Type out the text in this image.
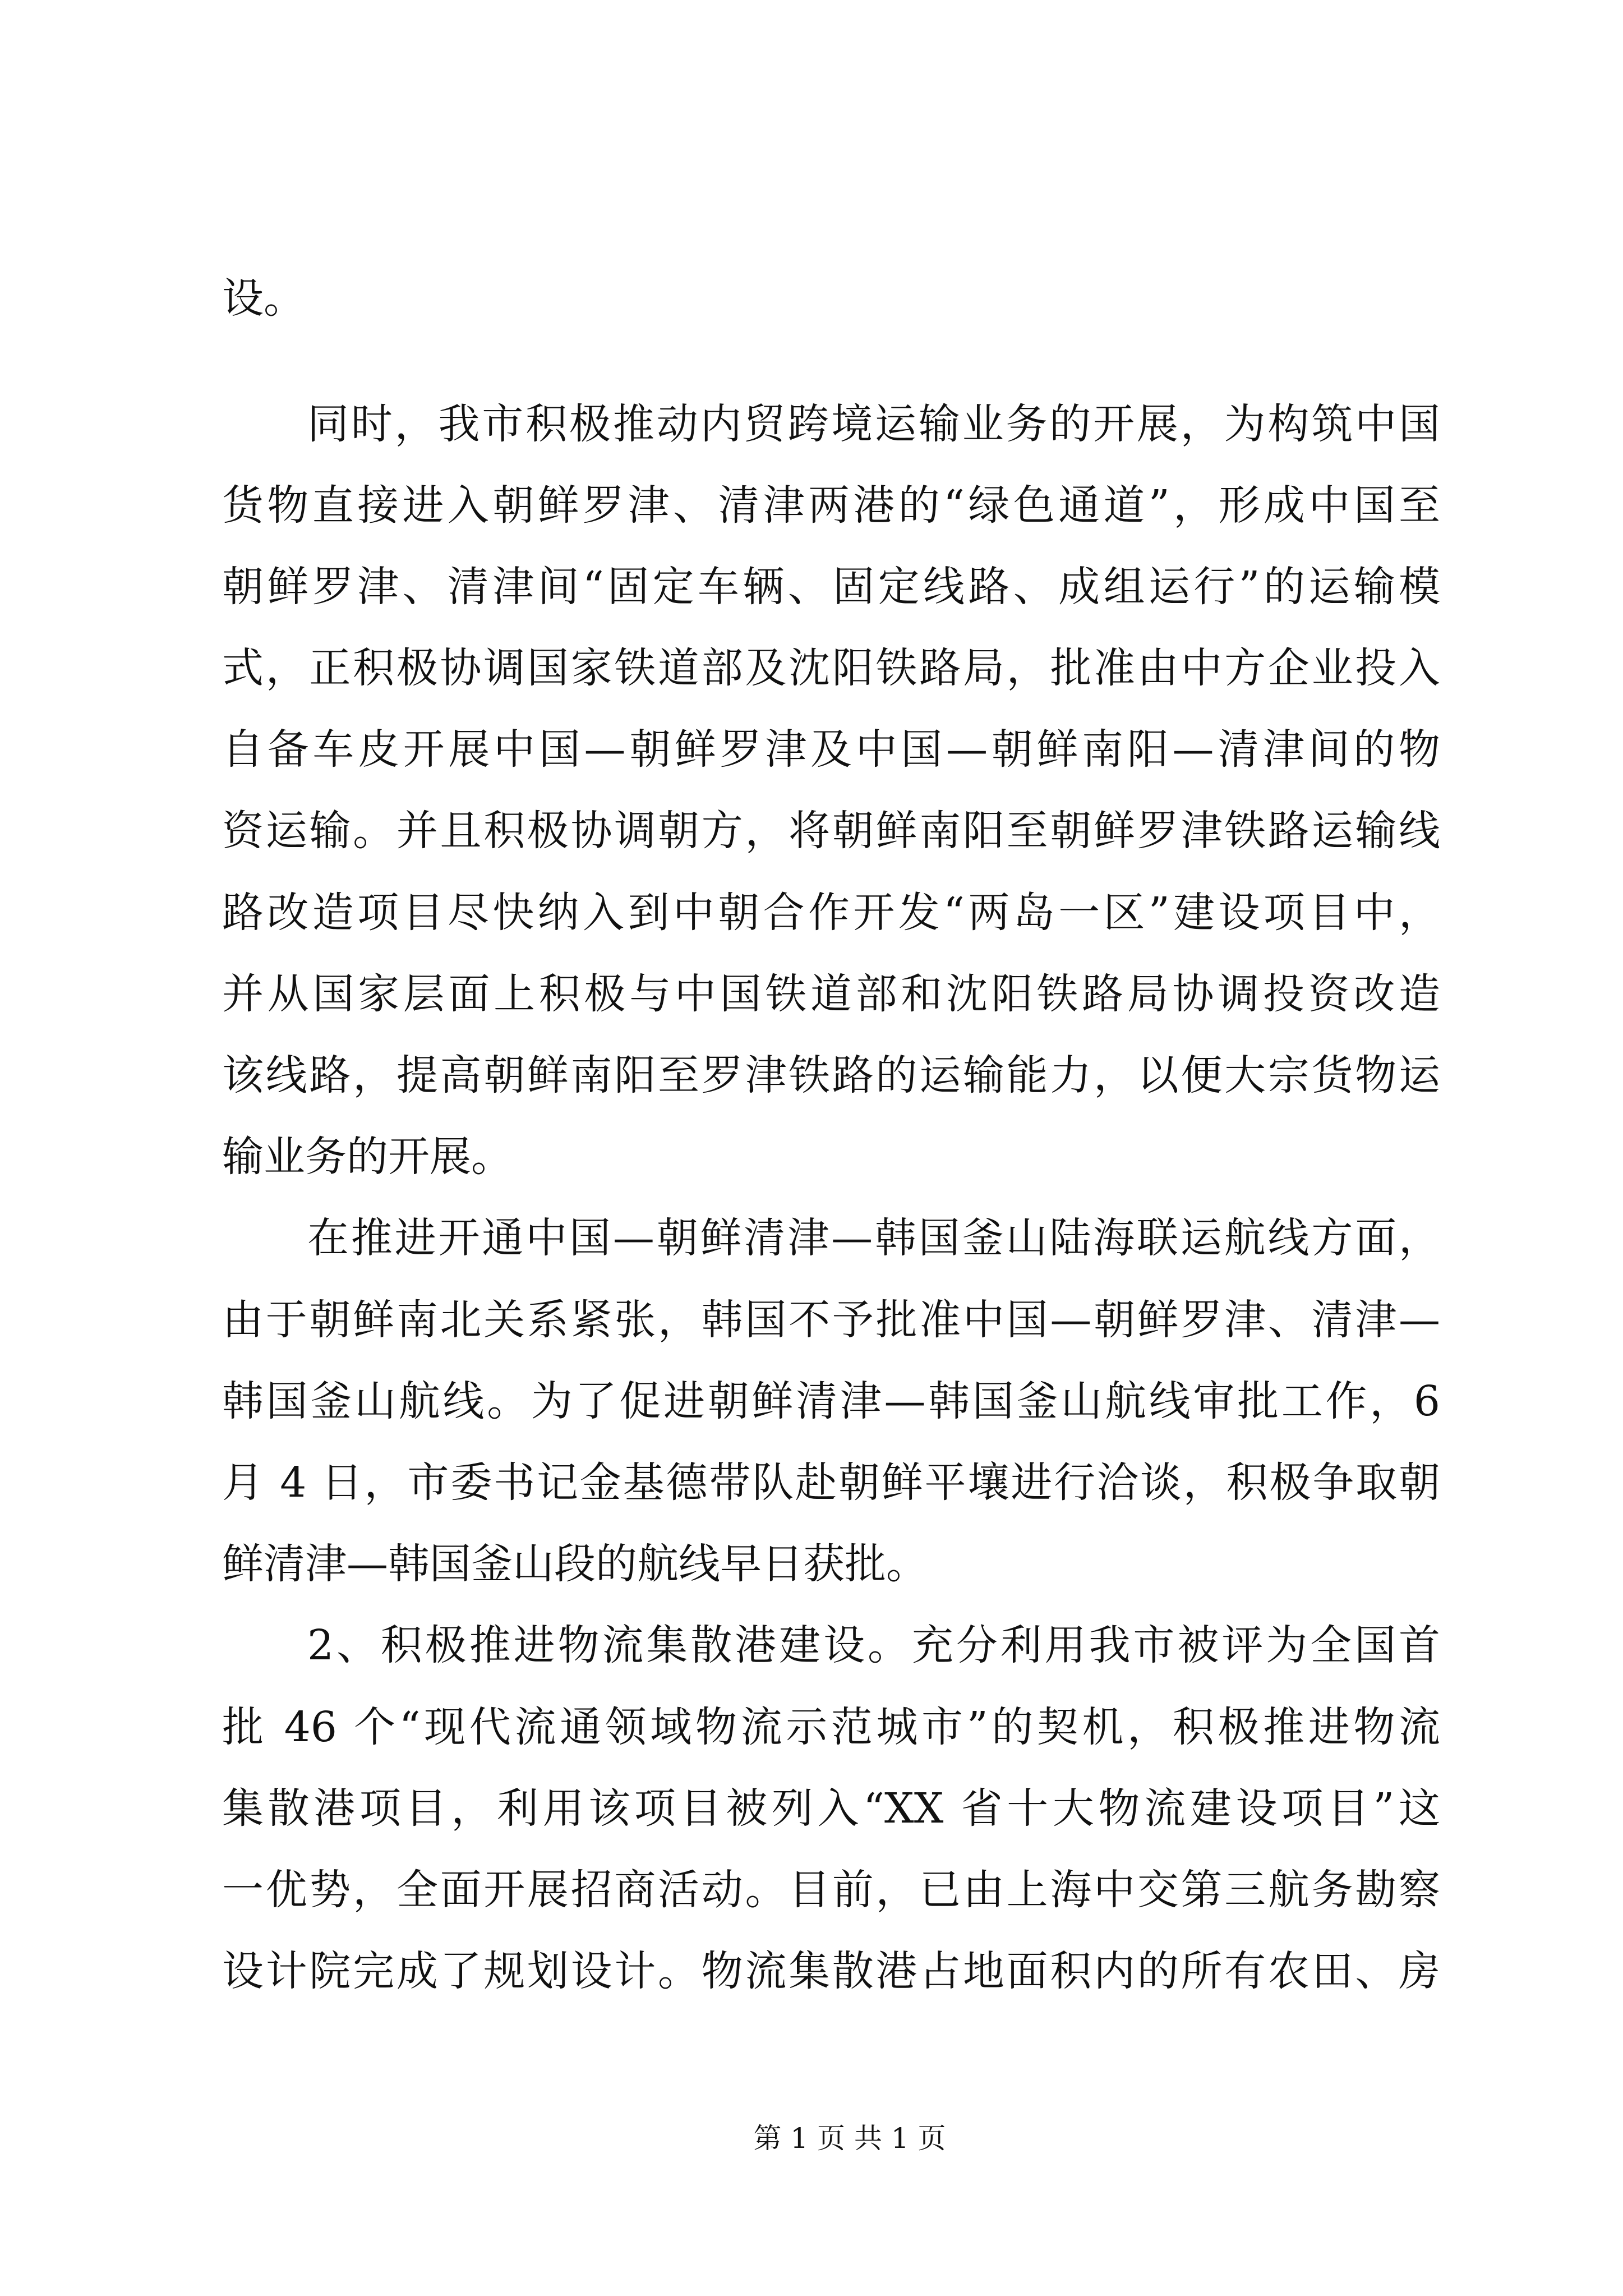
设。
同时，我市积极推动内贸跨境运输业务的开展，为构筑中国
货物直接进入朝鲜罗津、清津两港的“绿色通道”，形成中国至
朝鲜罗津、清津间“固定车辆、固定线路、成组运行”的运输模
式，正积极协调国家铁道部及沈阳铁路局，批准由中方企业投入
自备车皮开展中国—朝鲜罗津及中国—朝鲜南阳—清津间的物
资运输。并且积极协调朝方，将朝鲜南阳至朝鲜罗津铁路运输线
路改造项目尽快纳入到中朝合作开发“两岛一区”建设项目中，
并从国家层面上积极与中国铁道部和沈阳铁路局协调投资改造
该线路，提高朝鲜南阳至罗津铁路的运输能力，以便大宗货物运
输业务的开展。
在推进开通中国—朝鲜清津—韩国釜山陆海联运航线方面，
由于朝鲜南北关系紧张，韩国不予批准中国—朝鲜罗津、清津—
韩国釜山航线。为了促进朝鲜清津—韩国釜山航线审批工作，6
月 4 日，市委书记金基德带队赴朝鲜平壤进行洽谈，积极争取朝
鲜清津—韩国釜山段的航线早日获批。
2、积极推进物流集散港建设。充分利用我市被评为全国首
批 46 个“现代流通领域物流示范城市”的契机，积极推进物流
集散港项目，利用该项目被列入“XX 省十大物流建设项目”这
一优势，全面开展招商活动。目前，已由上海中交第三航务勘察
设计院完成了规划设计。物流集散港占地面积内的所有农田、房
第 1 页 共 1 页
